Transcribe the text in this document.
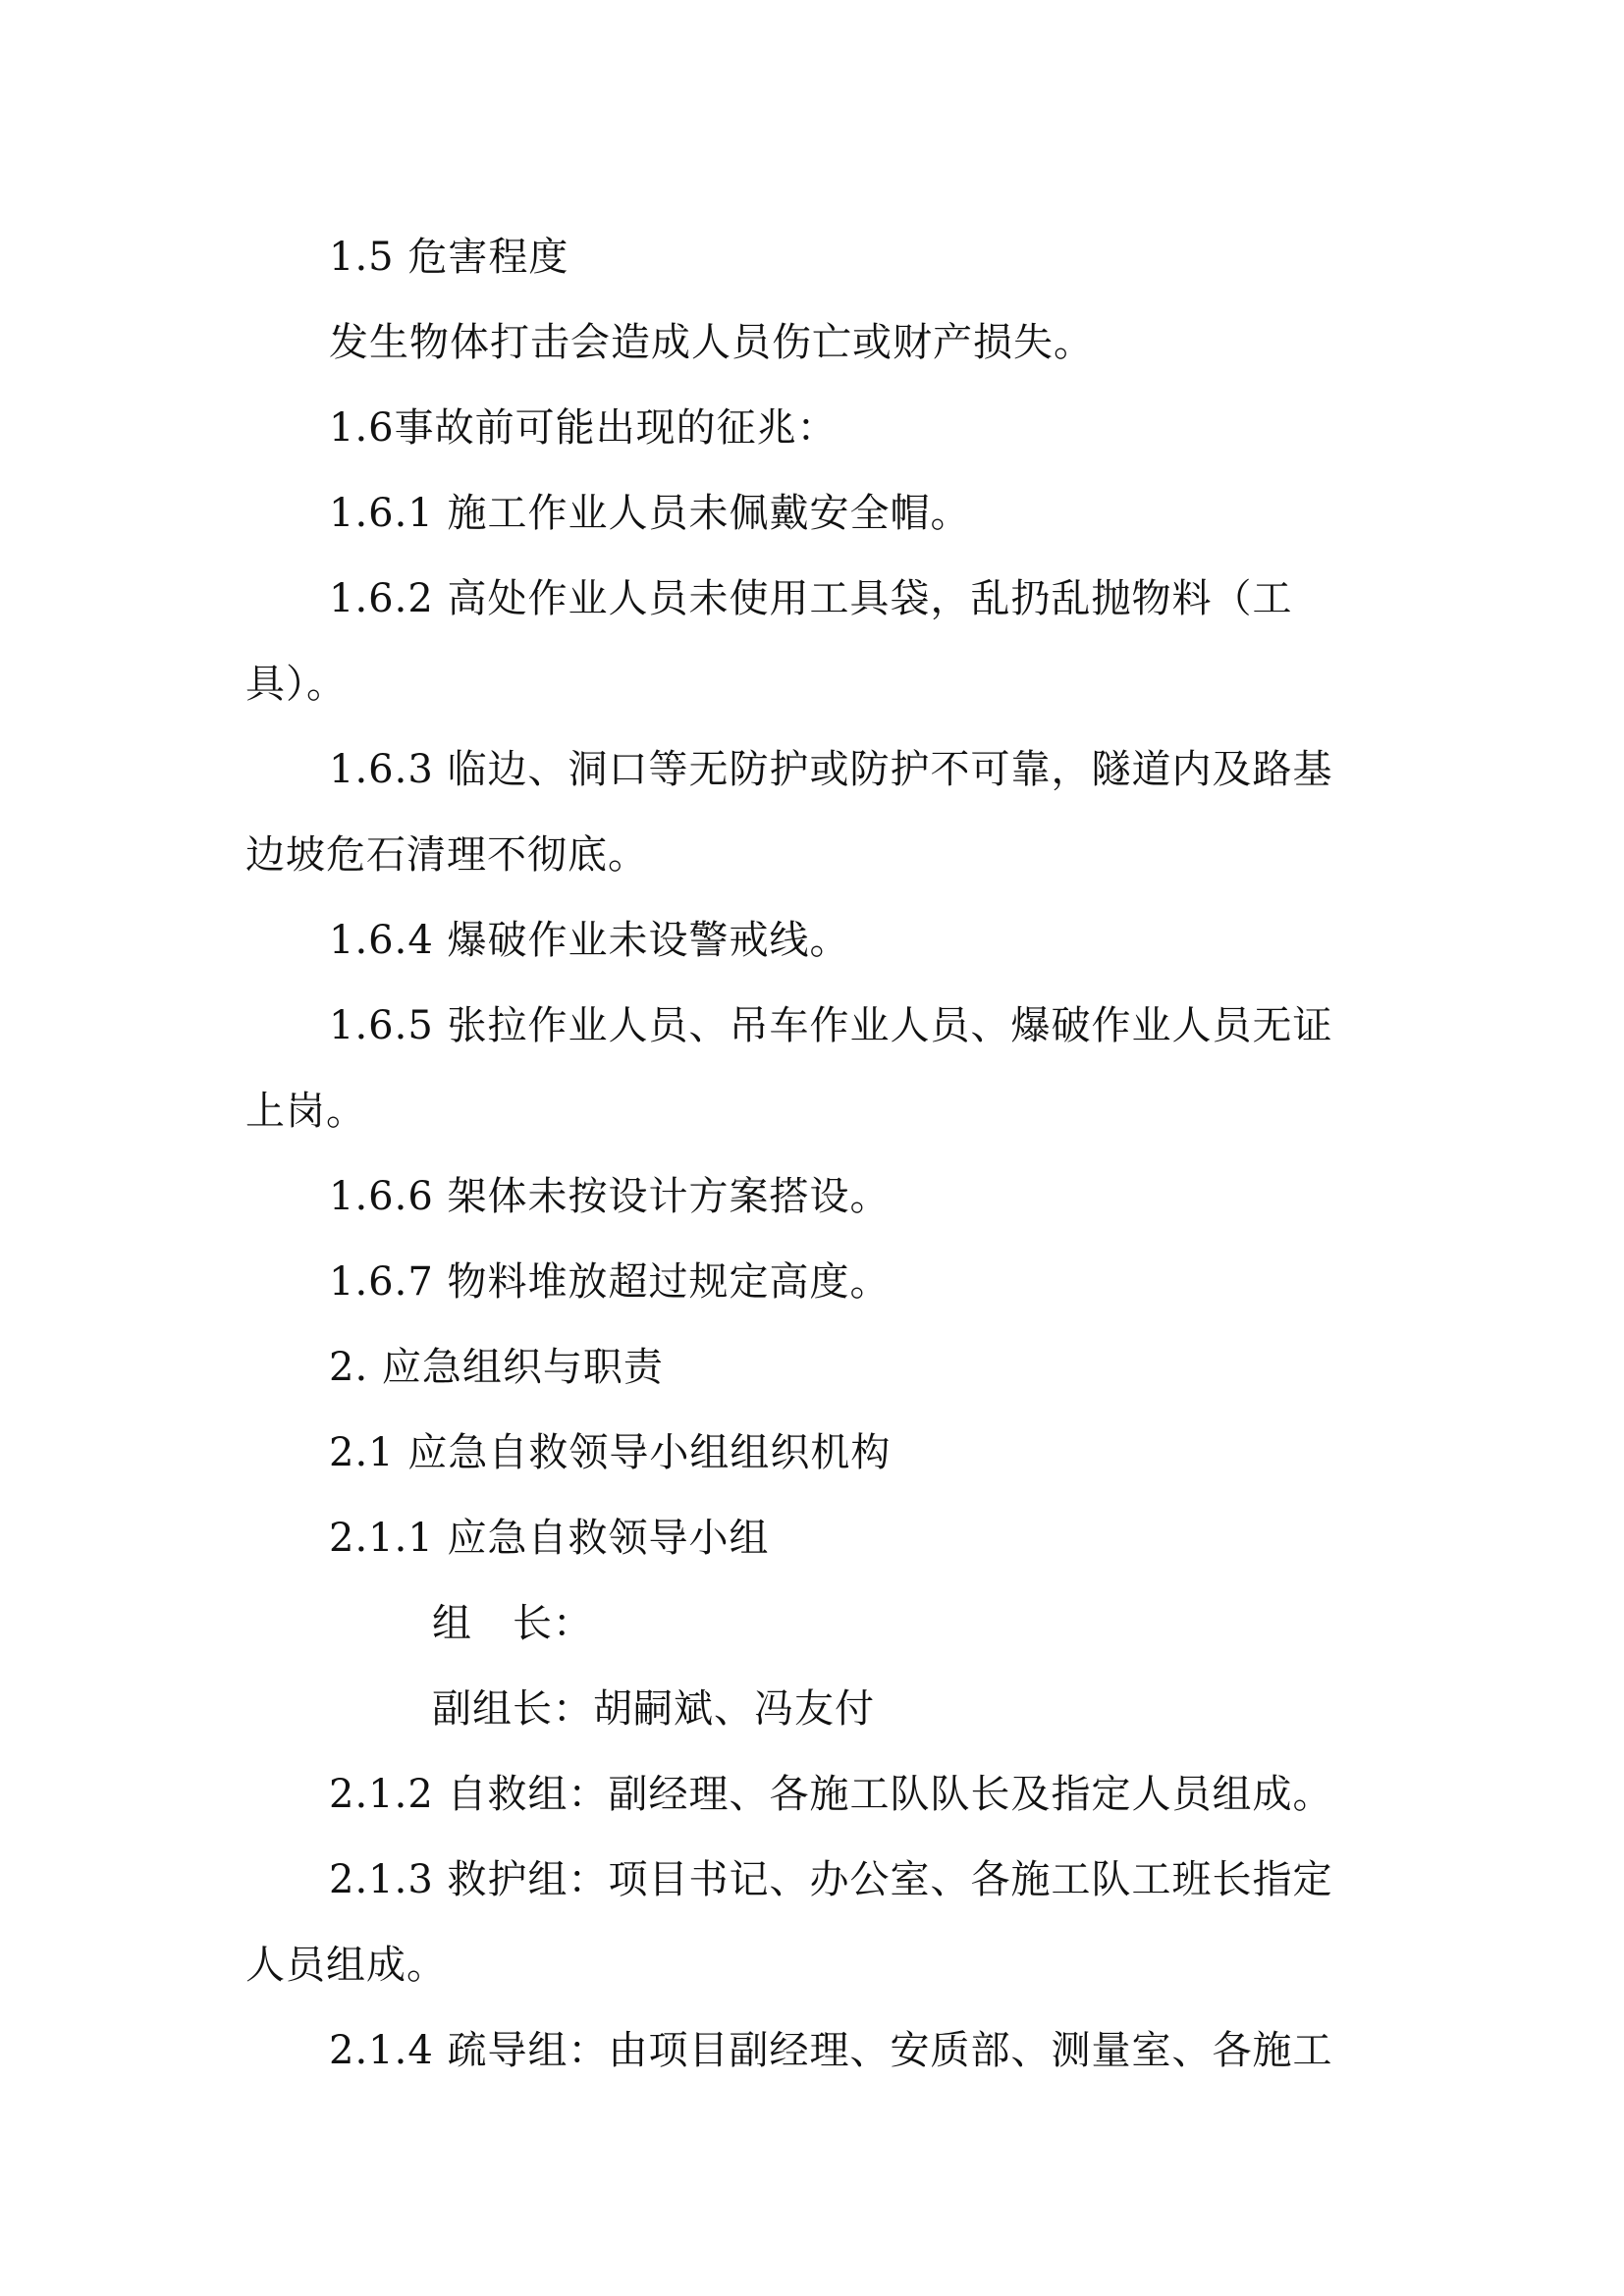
1.5 危害程度
发生物体打击会造成人员伤亡或财产损失。
1.6事故前可能出现的征兆：
1.6.1 施工作业人员未佩戴安全帽。
1.6.2 高处作业人员未使用工具袋，乱扔乱抛物料（工
具）。
1.6.3 临边、洞口等无防护或防护不可靠，隧道内及路基
边坡危石清理不彻底。
1.6.4 爆破作业未设警戒线。
1.6.5 张拉作业人员、吊车作业人员、爆破作业人员无证
上岗。
1.6.6 架体未按设计方案搭设。
1.6.7 物料堆放超过规定高度。
2. 应急组织与职责
2.1 应急自救领导小组组织机构
2.1.1 应急自救领导小组
组　长：
副组长：胡嗣斌、冯友付
2.1.2 自救组：副经理、各施工队队长及指定人员组成。
2.1.3 救护组：项目书记、办公室、各施工队工班长指定
人员组成。
2.1.4 疏导组：由项目副经理、安质部、测量室、各施工
